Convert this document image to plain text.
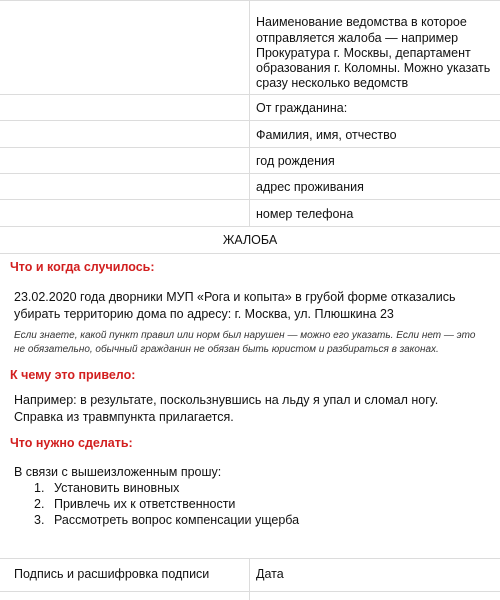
Наименование ведомства в которое
отправляется жалоба — например
Прокуратура г. Москвы, департамент
образования г. Коломны. Можно указать
сразу несколько ведомств
От гражданина:
Фамилия, имя, отчество
год рождения
адрес проживания
номер телефона
ЖАЛОБА
Что и когда случилось:
23.02.2020 года дворники МУП «Рога и копыта» в грубой форме отказались убирать территорию дома по адресу: г. Москва, ул. Плюшкина 23
Если знаете, какой пункт правил или норм был нарушен — можно его указать. Если нет — это не обязательно, обычный гражданин не обязан быть юристом и разбираться в законах.
К чему это привело:
Например: в результате, поскользнувшись на льду я упал и сломал ногу. Справка из травмпункта прилагается.
Что нужно сделать:
В связи с вышеизложенным прошу:
1. Установить виновных
2. Привлечь их к ответственности
3. Рассмотреть вопрос компенсации ущерба
Подпись и расшифровка подписи	Дата
